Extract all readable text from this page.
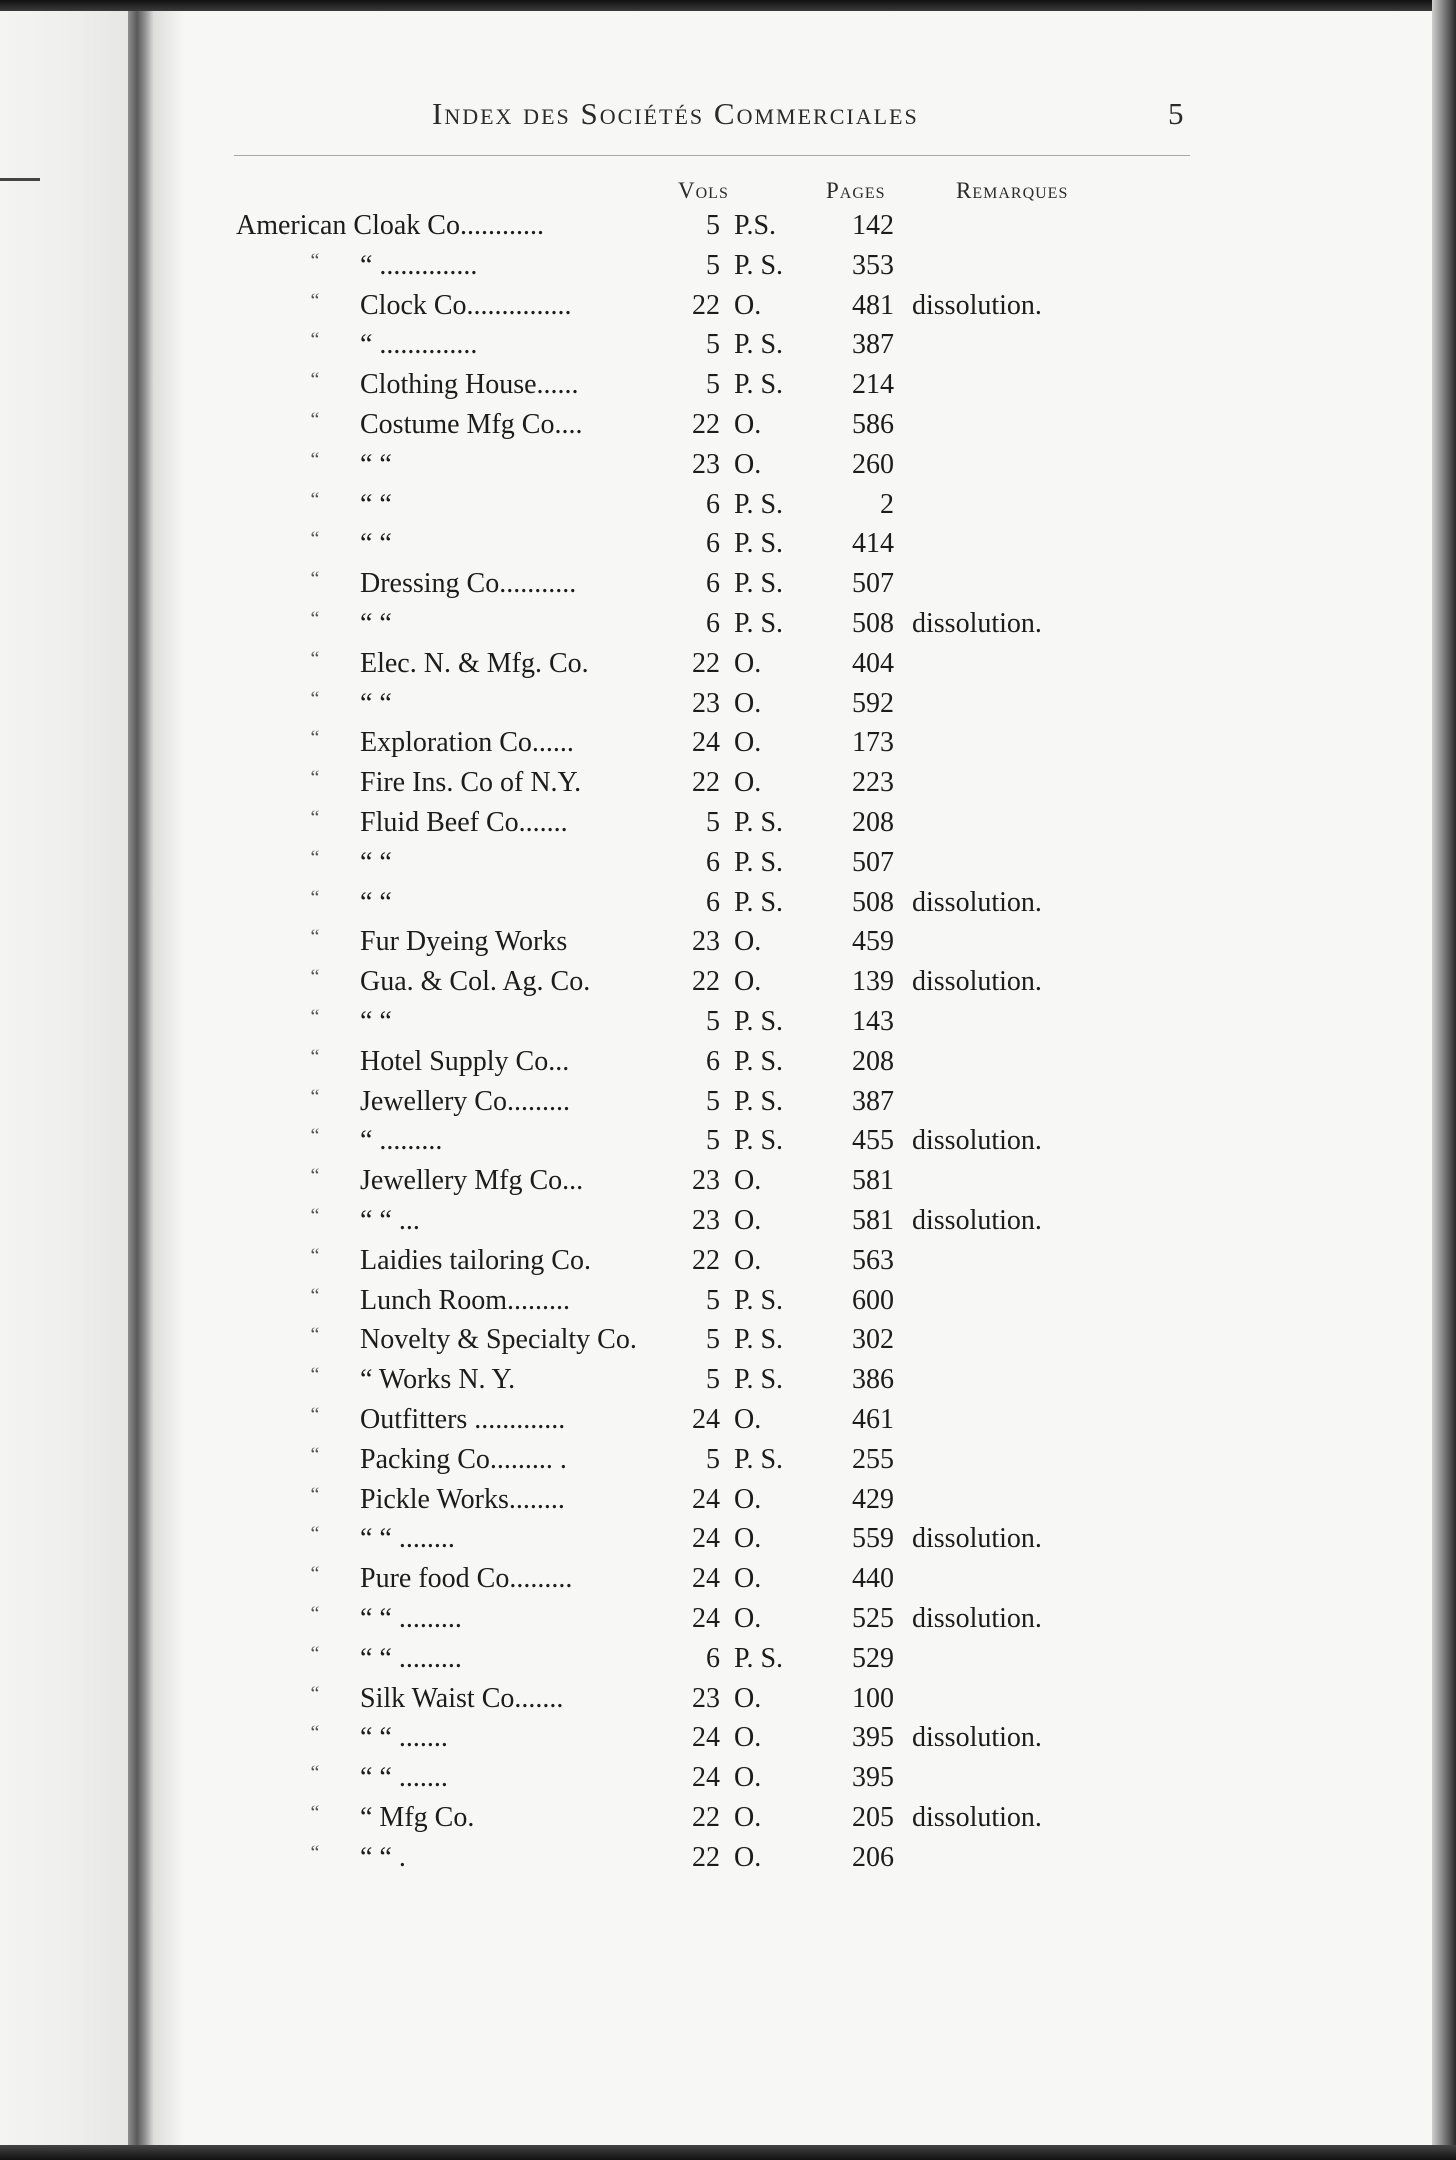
Index des Sociétés Commerciales	5
Vols	Pages	Remarques
American Cloak Co............	5 P.S.	142
“	“ ..............	5 P. S.	353
“	Clock Co...............	22 O.	481 dissolution.
“	“ ..............	5 P. S.	387
“	Clothing House......	5 P. S.	214
“	Costume Mfg Co....	22 O.	586
“	“ “	23 O.	260
“	“ “	6 P. S.	2
“	“ “	6 P. S.	414
“	Dressing Co...........	6 P. S.	507
“	“ “	6 P. S.	508 dissolution.
“	Elec. N. & Mfg. Co.	22 O.	404
“	“ “	23 O.	592
“	Exploration Co......	24 O.	173
“	Fire Ins. Co of N.Y.	22 O.	223
“	Fluid Beef Co.......	5 P. S.	208
“	“ “	6 P. S.	507
“	“ “	6 P. S.	508 dissolution.
“	Fur Dyeing Works	23 O.	459
“	Gua. & Col. Ag. Co.	22 O.	139 dissolution.
“	“ “	5 P. S.	143
“	Hotel Supply Co...	6 P. S.	208
“	Jewellery Co.........	5 P. S.	387
“	“ .........	5 P. S.	455 dissolution.
“	Jewellery Mfg Co...	23 O.	581
“	“ “ ...	23 O.	581 dissolution.
“	Laidies tailoring Co.	22 O.	563
“	Lunch Room.........	5 P. S.	600
“	Novelty & Specialty Co.	5 P. S.	302
“	“ Works N. Y.	5 P. S.	386
“	Outfitters .............	24 O.	461
“	Packing Co......... .	5 P. S.	255
“	Pickle Works........	24 O.	429
“	“ “ ........	24 O.	559 dissolution.
“	Pure food Co.........	24 O.	440
“	“ “ .........	24 O.	525 dissolution.
“	“ “ .........	6 P. S.	529
“	Silk Waist Co.......	23 O.	100
“	“ “ .......	24 O.	395 dissolution.
“	“ “ .......	24 O.	395
“	“ Mfg Co.	22 O.	205 dissolution.
“	“ “ .	22 O.	206
